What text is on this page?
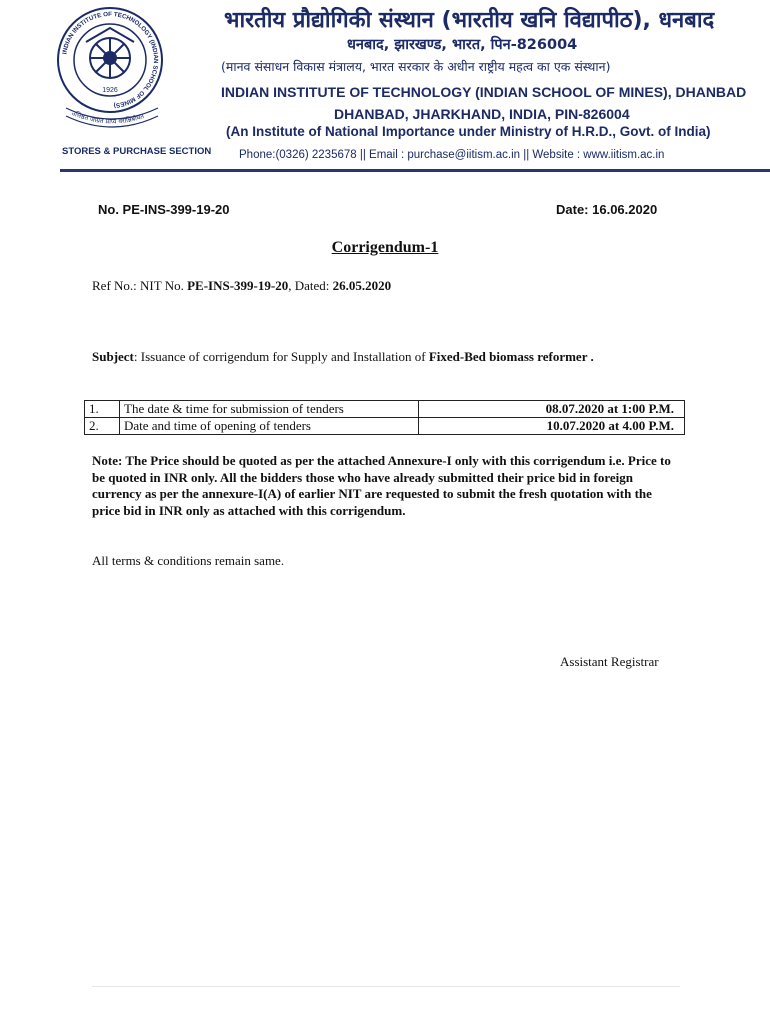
INDIAN INSTITUTE OF TECHNOLOGY (INDIAN SCHOOL OF MINES)
1926
उत्तिष्ठत जाग्रत प्राप्य वरान्निबोधत
भारतीय प्रौद्योगिकी संस्थान (भारतीय खनि विद्यापीठ), धनबाद
धनबाद, झारखण्ड, भारत, पिन-826004
(मानव संसाधन विकास मंत्रालय, भारत सरकार के अधीन राष्ट्रीय महत्व का एक संस्थान)
INDIAN INSTITUTE OF TECHNOLOGY (INDIAN SCHOOL OF MINES), DHANBAD
DHANBAD, JHARKHAND, INDIA, PIN-826004
(An Institute of National Importance under Ministry of H.R.D., Govt. of India)
STORES & PURCHASE SECTION Phone:(0326) 2235678 || Email : purchase@iitism.ac.in || Website : www.iitism.ac.in
No. PE-INS-399-19-20	Date: 16.06.2020
Corrigendum-1
Ref No.: NIT No. PE-INS-399-19-20, Dated: 26.05.2020
Subject: Issuance of corrigendum for Supply and Installation of Fixed-Bed biomass reformer .
1.	The date & time for submission of tenders	08.07.2020 at 1:00 P.M.
2.	Date and time of opening of tenders	10.07.2020 at 4.00 P.M.
Note: The Price should be quoted as per the attached Annexure-I only with this corrigendum i.e. Price to be quoted in INR only. All the bidders those who have already submitted their price bid in foreign currency as per the annexure-I(A) of earlier NIT are requested to submit the fresh quotation with the price bid in INR only as attached with this corrigendum.
All terms & conditions remain same.
Assistant Registrar
